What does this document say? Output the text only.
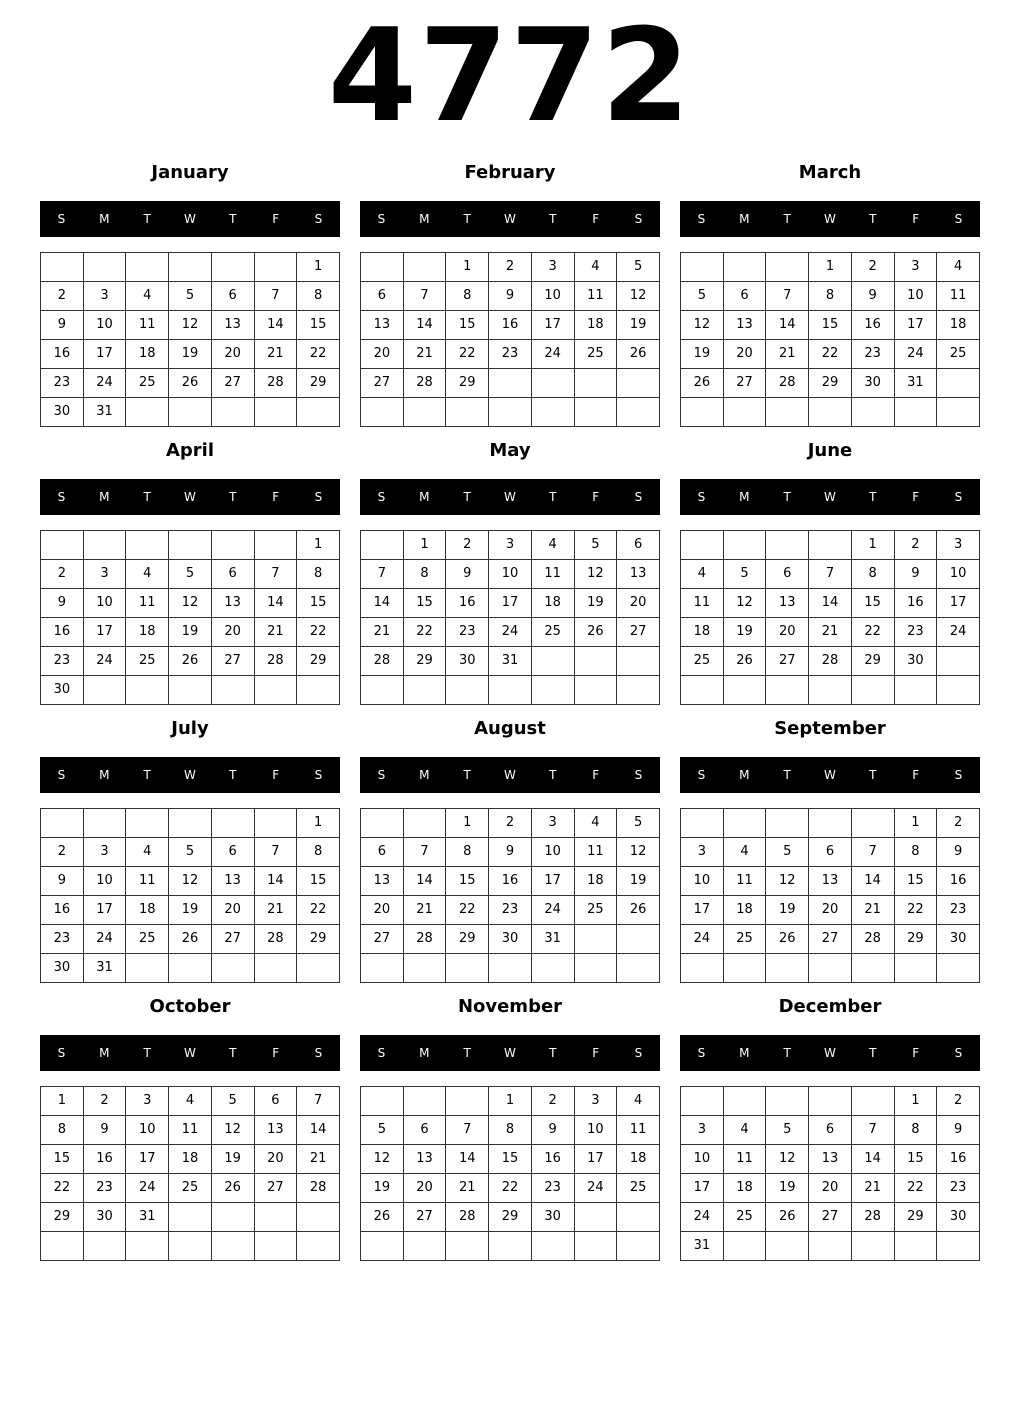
4772
January
S	M	T	W	T	F	S
						1
2	3	4	5	6	7	8
9	10	11	12	13	14	15
16	17	18	19	20	21	22
23	24	25	26	27	28	29
30	31					
February
S	M	T	W	T	F	S
		1	2	3	4	5
6	7	8	9	10	11	12
13	14	15	16	17	18	19
20	21	22	23	24	25	26
27	28	29				

March
S	M	T	W	T	F	S
			1	2	3	4
5	6	7	8	9	10	11
12	13	14	15	16	17	18
19	20	21	22	23	24	25
26	27	28	29	30	31	

April
S	M	T	W	T	F	S
						1
2	3	4	5	6	7	8
9	10	11	12	13	14	15
16	17	18	19	20	21	22
23	24	25	26	27	28	29
30						
May
S	M	T	W	T	F	S
	1	2	3	4	5	6
7	8	9	10	11	12	13
14	15	16	17	18	19	20
21	22	23	24	25	26	27
28	29	30	31			

June
S	M	T	W	T	F	S
				1	2	3
4	5	6	7	8	9	10
11	12	13	14	15	16	17
18	19	20	21	22	23	24
25	26	27	28	29	30	

July
S	M	T	W	T	F	S
						1
2	3	4	5	6	7	8
9	10	11	12	13	14	15
16	17	18	19	20	21	22
23	24	25	26	27	28	29
30	31					
August
S	M	T	W	T	F	S
		1	2	3	4	5
6	7	8	9	10	11	12
13	14	15	16	17	18	19
20	21	22	23	24	25	26
27	28	29	30	31		

September
S	M	T	W	T	F	S
					1	2
3	4	5	6	7	8	9
10	11	12	13	14	15	16
17	18	19	20	21	22	23
24	25	26	27	28	29	30

October
S	M	T	W	T	F	S
1	2	3	4	5	6	7
8	9	10	11	12	13	14
15	16	17	18	19	20	21
22	23	24	25	26	27	28
29	30	31				

November
S	M	T	W	T	F	S
			1	2	3	4
5	6	7	8	9	10	11
12	13	14	15	16	17	18
19	20	21	22	23	24	25
26	27	28	29	30		

December
S	M	T	W	T	F	S
					1	2
3	4	5	6	7	8	9
10	11	12	13	14	15	16
17	18	19	20	21	22	23
24	25	26	27	28	29	30
31						
